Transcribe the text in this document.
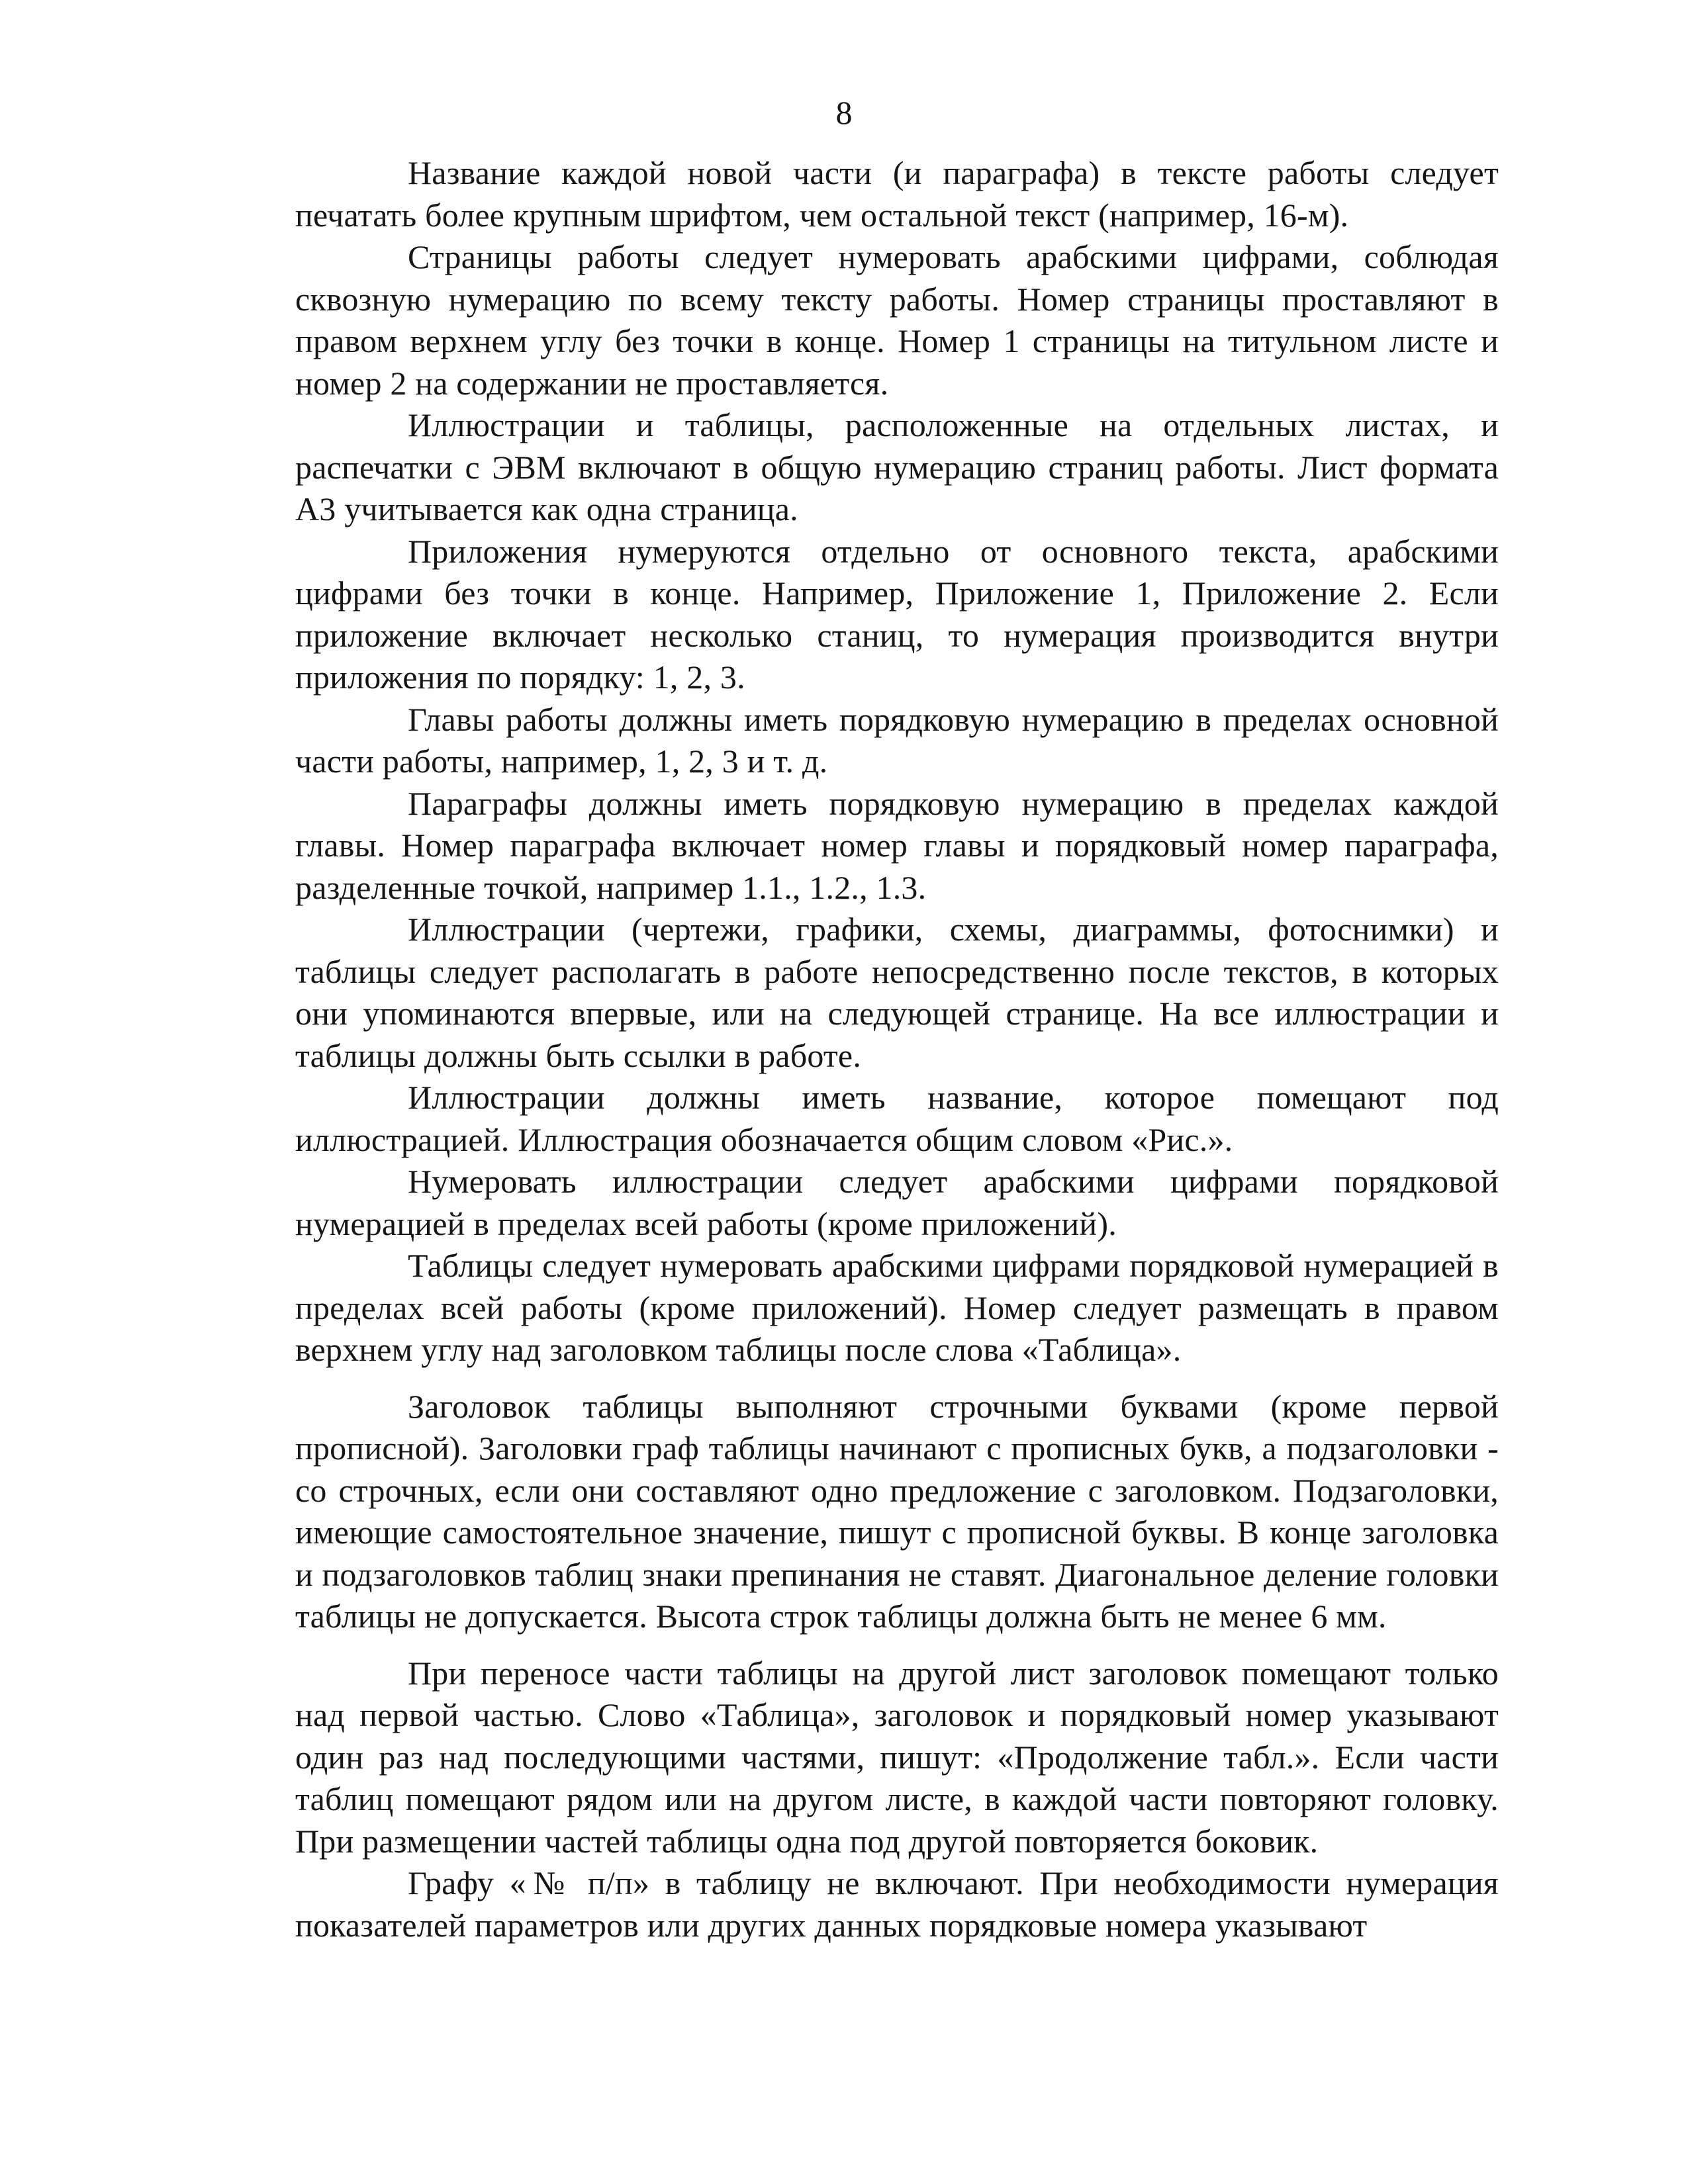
8

Название каждой новой части (и параграфа) в тексте работы следует печатать более крупным шрифтом, чем остальной текст (например, 16-м).

Страницы работы следует нумеровать арабскими цифрами, соблюдая сквозную нумерацию по всему тексту работы. Номер страницы проставляют в правом верхнем углу без точки в конце. Номер 1 страницы на титульном листе и номер 2 на содержании не проставляется.

Иллюстрации и таблицы, расположенные на отдельных листах, и распечатки с ЭВМ включают в общую нумерацию страниц работы. Лист формата А3 учитывается как одна страница.

Приложения нумеруются отдельно от основного текста, арабскими цифрами без точки в конце. Например, Приложение 1, Приложение 2. Если приложение включает несколько станиц, то нумерация производится внутри приложения по порядку: 1, 2, 3.

Главы работы должны иметь порядковую нумерацию в пределах основной части работы, например, 1, 2, 3 и т. д.

Параграфы должны иметь порядковую нумерацию в пределах каждой главы. Номер параграфа включает номер главы и порядковый номер параграфа, разделенные точкой, например 1.1., 1.2., 1.3.

Иллюстрации (чертежи, графики, схемы, диаграммы, фотоснимки) и таблицы следует располагать в работе непосредственно после текстов, в которых они упоминаются впервые, или на следующей странице. На все иллюстрации и таблицы должны быть ссылки в работе.

Иллюстрации должны иметь название, которое помещают под иллюстрацией. Иллюстрация обозначается общим словом «Рис.».

Нумеровать иллюстрации следует арабскими цифрами порядковой нумерацией в пределах всей работы (кроме приложений).

Таблицы следует нумеровать арабскими цифрами порядковой нумерацией в пределах всей работы (кроме приложений). Номер следует размещать в правом верхнем углу над заголовком таблицы после слова «Таблица».

Заголовок таблицы выполняют строчными буквами (кроме первой прописной). Заголовки граф таблицы начинают с прописных букв, а подзаголовки - со строчных, если они составляют одно предложение с заголовком. Подзаголовки, имеющие самостоятельное значение, пишут с прописной буквы. В конце заголовка и подзаголовков таблиц знаки препинания не ставят. Диагональное деление головки таблицы не допускается. Высота строк таблицы должна быть не менее 6 мм.

При переносе части таблицы на другой лист заголовок помещают только над первой частью. Слово «Таблица», заголовок и порядковый номер указывают один раз над последующими частями, пишут: «Продолжение табл.». Если части таблиц помещают рядом или на другом листе, в каждой части повторяют головку. При размещении частей таблицы одна под другой повторяется боковик.

Графу «№ п/п» в таблицу не включают. При необходимости нумерация показателей параметров или других данных порядковые номера указывают
